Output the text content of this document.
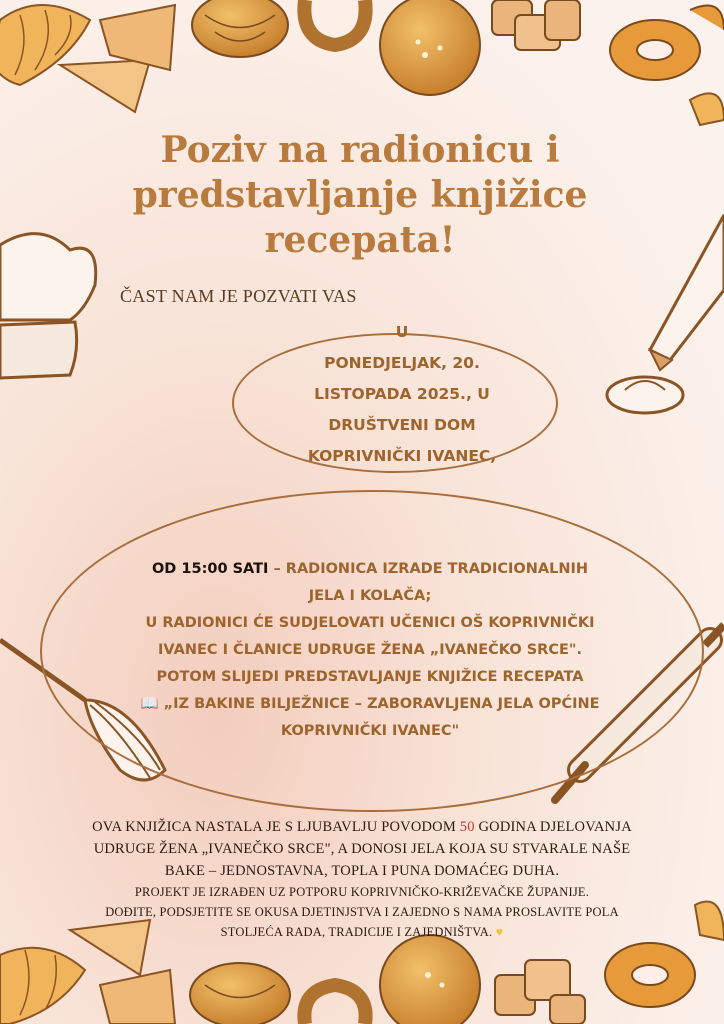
Poziv na radionicu i
predstavljanje knjižice
recepata!
ČAST NAM JE POZVATI VAS
U
PONEDJELJAK, 20.
LISTOPADA 2025., U
DRUŠTVENI DOM
KOPRIVNIČKI IVANEC,
OD 15:00 SATI – RADIONICA IZRADE TRADICIONALNIH
JELA I KOLAČA;
U RADIONICI ĆE SUDJELOVATI UČENICI OŠ KOPRIVNIČKI
IVANEC I ČLANICE UDRUGE ŽENA „IVANEČKO SRCE".
POTOM SLIJEDI PREDSTAVLJANJE KNJIŽICE RECEPATA
📖 „IZ BAKINE BILJEŽNICE – ZABORAVLJENA JELA OPĆINE
KOPRIVNIČKI IVANEC"
OVA KNJIŽICA NASTALA JE S LJUBAVLJU POVODOM 50 GODINA DJELOVANJA
UDRUGE ŽENA „IVANEČKO SRCE", A DONOSI JELA KOJA SU STVARALE NAŠE
BAKE – JEDNOSTAVNA, TOPLA I PUNA DOMAĆEG DUHA.
PROJEKT JE IZRAĐEN UZ POTPORU KOPRIVNIČKO-KRIŽEVAČKE ŽUPANIJE.
DOĐITE, PODSJETITE SE OKUSA DJETINJSTVA I ZAJEDNO S NAMA PROSLAVITE POLA
STOLJEĆA RADA, TRADICIJE I ZAJEDNIŠTVA. ♥
